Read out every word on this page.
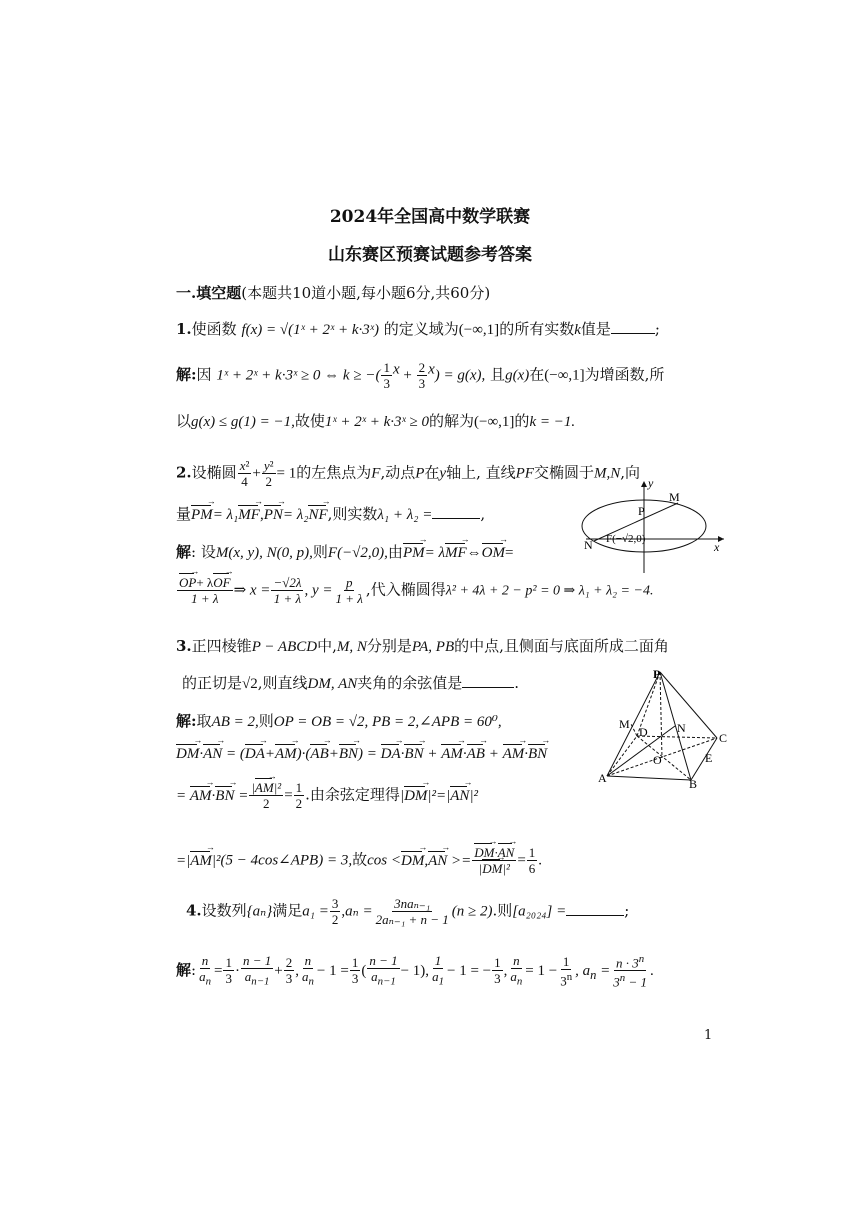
2024年全国高中数学联赛
山东赛区预赛试题参考答案
一.填空题(本题共10道小题,每小题6分,共60分)
1.使函数 f(x) = √(1ˣ + 2ˣ + k·3ˣ) 的定义域为(−∞,1]的所有实数k值是	;
解:因 1ˣ + 2ˣ + k·3ˣ ≥ 0 ⇔ k ≥ −( $\frac{1}{3} ^x + \frac{2}{3} ^x) = g(x)$, 且g(x)在(−∞,1]为增函数,所
以g(x) ≤ g(1) = −1,故使1ˣ + 2ˣ + k·3ˣ ≥ 0的解为(−∞,1]的k = −1.
2.设椭圆 $\frac{\text{x²}}{4} + \frac{\text{y²}}{2} = 1$的左焦点为F,动点P在y轴上, 直线PF交椭圆于M,N,向
量PM →= λ₁MF →,PN →= λ₂NF →,则实数λ₁ + λ₂ =	,
解: 设M(x, y), N(0, p),则F(−√2,0),由PM →= λMF →⇔OM →=
$\frac{\text{OP →+ λOF →}}{1 + \lambda}$ ⇒ $x = \frac{-√2\lambda}{1 + \lambda}$ , $y = \frac{p}{1 + \lambda}$ ,代入椭圆得λ² + 4λ + 2 − p² = 0 ⇒ λ₁ + λ₂ = −4.
y
x
M
P
N F(−√2,0)
3.正四棱锥P − ABCD中,M, N分别是PA, PB的中点,且侧面与底面所成二面角
的正切是√2,则直线DM, AN夹角的余弦值是	.
解:取AB = 2,则OP = OB = √2, PB = 2,∠APB = 60⁰,
DM →·AN → = (DA →+AM →)·(AB →+BN →) = DA →·BN → + AM →·AB → + AM →·BN →
= AM →·BN → = $\frac{\text{|AM →|²}}{2} = \frac{1}{2}$ .由余弦定理得|DM →|²=|AN →|²
=|AM →|²(5 − 4cos∠APB) = 3,故cos <DM →,AN → >= $\frac{DM \to\cdot AN \to}{\text{|DM →|²}} = \frac{1}{6}$ .
P
M
D N
C
O	E
A	B
4.设数列{aₙ}满足$a_1 = \frac{3}{2} ,a_n = \frac{\text{3naₙ₋₁}}{\text{2aₙ₋₁ + n − 1}} (n \ge 2)$.则[a₂₀₂₄] =	;
解: $\frac{n}{a_n} = \frac{1}{3} \cdot \frac{n - 1}{a_{n-1}} + \frac{2}{3}$ , $\frac{n}{a_n} - 1 = \frac{1}{3}$ ( $\frac{n - 1}{a_{n-1}} - 1$), $\frac{1}{a_1} - 1$ = − $\frac{1}{3}$ , $\frac{n}{a_n} = 1 - \frac{1}{3^n}$ , $a_n = \frac{n \cdot 3^n}{3^n - 1}$ .
1
